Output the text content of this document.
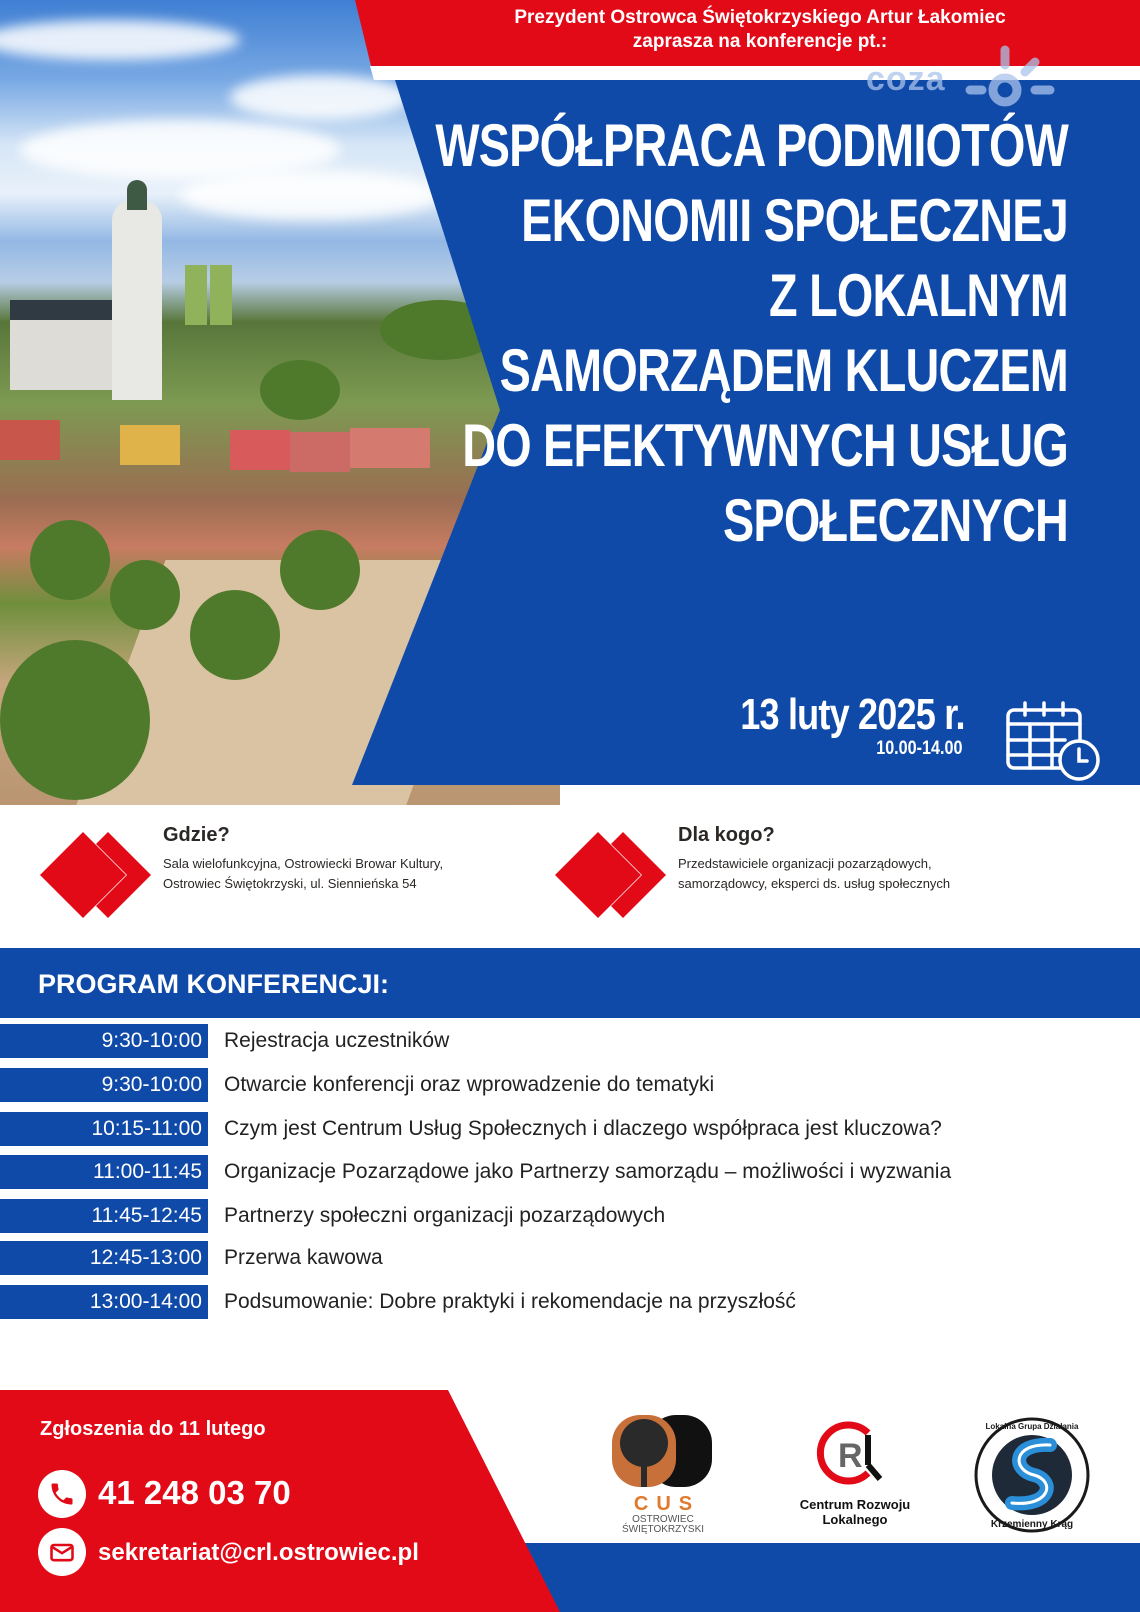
Prezydent Ostrowca Świętokrzyskiego Artur Łakomiec
zaprasza na konferencje pt.:
coza
WSPÓŁPRACA PODMIOTÓW
EKONOMII SPOŁECZNEJ
Z LOKALNYM
SAMORZĄDEM KLUCZEM
DO EFEKTYWNYCH USŁUG
SPOŁECZNYCH
13 luty 2025 r.
10.00-14.00
Gdzie?
Sala wielofunkcyjna, Ostrowiecki Browar Kultury,
Ostrowiec Świętokrzyski, ul. Siennieńska 54
Dla kogo?
Przedstawiciele organizacji pozarządowych,
samorządowcy, eksperci ds. usług społecznych
PROGRAM KONFERENCJI:
9:30-10:00 Rejestracja uczestników
9:30-10:00 Otwarcie konferencji oraz wprowadzenie do tematyki
10:15-11:00 Czym jest Centrum Usług Społecznych i dlaczego współpraca jest kluczowa?
11:00-11:45 Organizacje Pozarządowe jako Partnerzy samorządu – możliwości i wyzwania
11:45-12:45 Partnerzy społeczni organizacji pozarządowych
12:45-13:00 Przerwa kawowa
13:00-14:00 Podsumowanie: Dobre praktyki i rekomendacje na przyszłość
Zgłoszenia do 11 lutego
41 248 03 70
sekretariat@crl.ostrowiec.pl
CUS
OSTROWIEC
ŚWIĘTOKRZYSKI
R
Centrum Rozwoju
Lokalnego
Lokalna Grupa Działania
Krzemienny Krąg
